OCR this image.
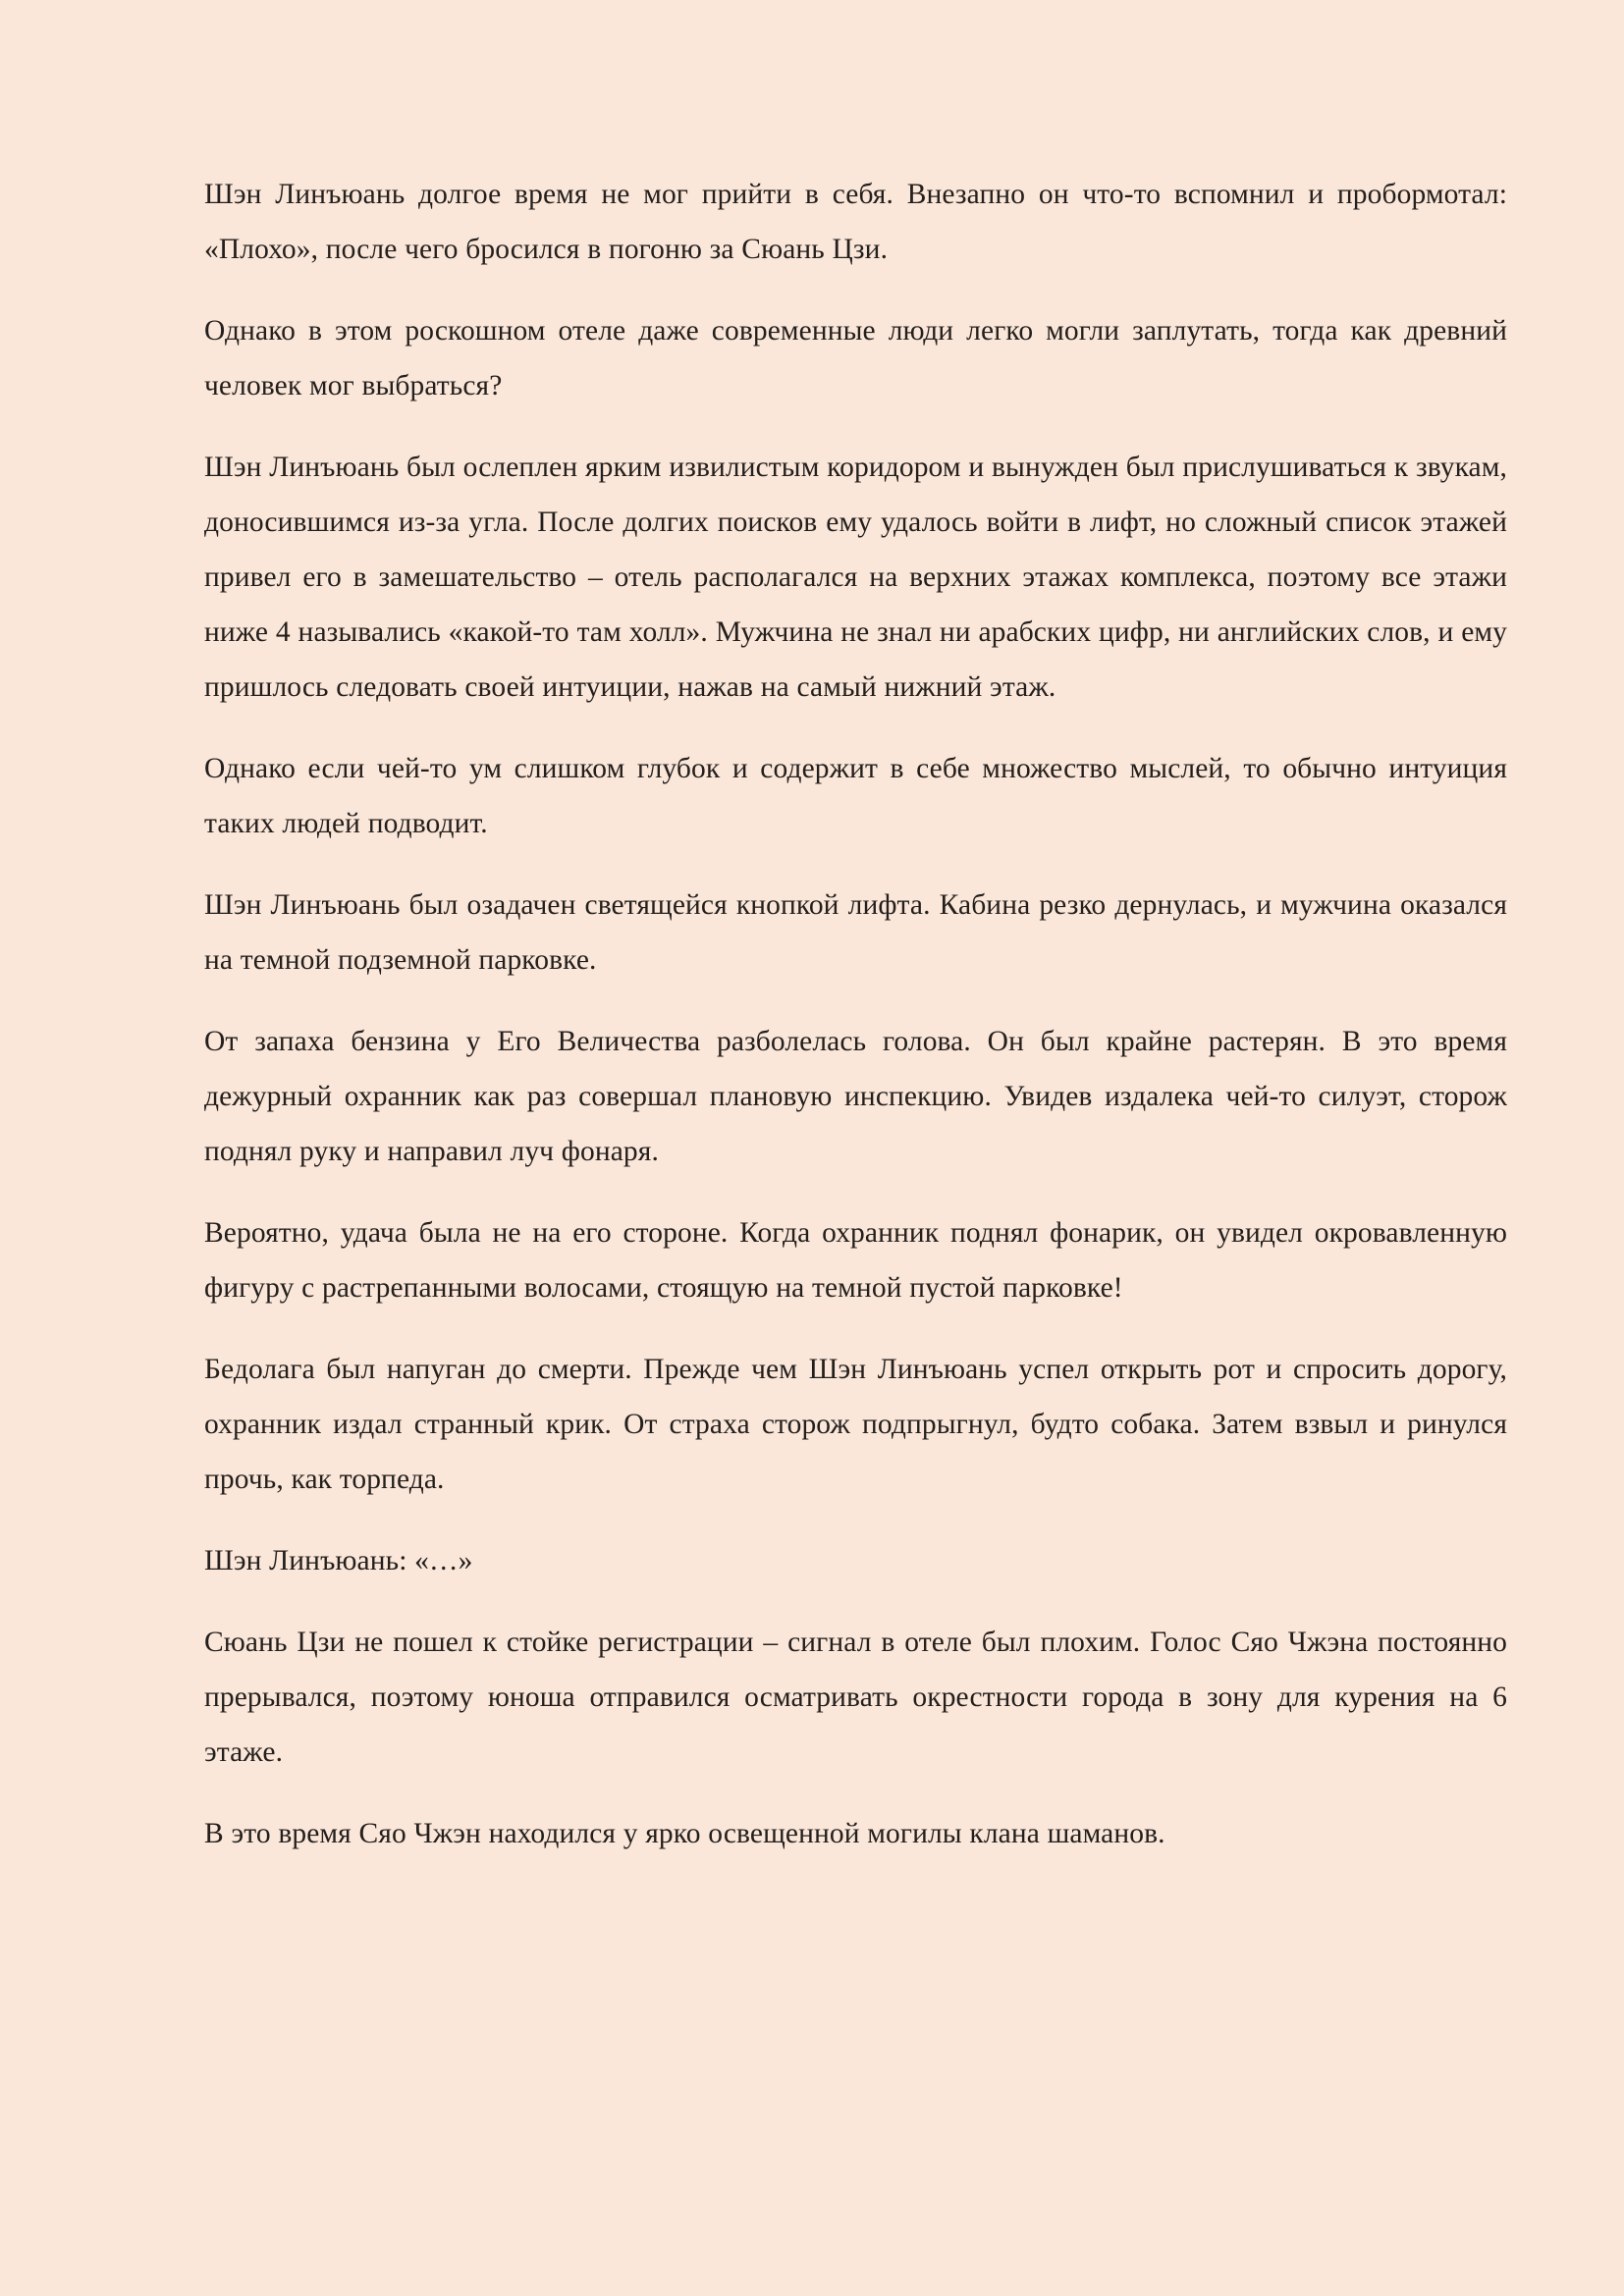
Шэн Линъюань долгое время не мог прийти в себя. Внезапно он что-то вспомнил и пробормотал: «Плохо», после чего бросился в погоню за Сюань Цзи.

Однако в этом роскошном отеле даже современные люди легко могли заплутать, тогда как древний человек мог выбраться?

Шэн Линъюань был ослеплен ярким извилистым коридором и вынужден был прислушиваться к звукам, доносившимся из-за угла. После долгих поисков ему удалось войти в лифт, но сложный список этажей привел его в замешательство – отель располагался на верхних этажах комплекса, поэтому все этажи ниже 4 назывались «какой-то там холл». Мужчина не знал ни арабских цифр, ни английских слов, и ему пришлось следовать своей интуиции, нажав на самый нижний этаж.

Однако если чей-то ум слишком глубок и содержит в себе множество мыслей, то обычно интуиция таких людей подводит.

Шэн Линъюань был озадачен светящейся кнопкой лифта. Кабина резко дернулась, и мужчина оказался на темной подземной парковке.

От запаха бензина у Его Величества разболелась голова. Он был крайне растерян. В это время дежурный охранник как раз совершал плановую инспекцию. Увидев издалека чей-то силуэт, сторож поднял руку и направил луч фонаря.

Вероятно, удача была не на его стороне. Когда охранник поднял фонарик, он увидел окровавленную фигуру с растрепанными волосами, стоящую на темной пустой парковке!

Бедолага был напуган до смерти. Прежде чем Шэн Линъюань успел открыть рот и спросить дорогу, охранник издал странный крик. От страха сторож подпрыгнул, будто собака. Затем взвыл и ринулся прочь, как торпеда.

Шэн Линъюань: «…»

Сюань Цзи не пошел к стойке регистрации – сигнал в отеле был плохим. Голос Сяо Чжэна постоянно прерывался, поэтому юноша отправился осматривать окрестности города в зону для курения на 6 этаже.

В это время Сяо Чжэн находился у ярко освещенной могилы клана шаманов.
